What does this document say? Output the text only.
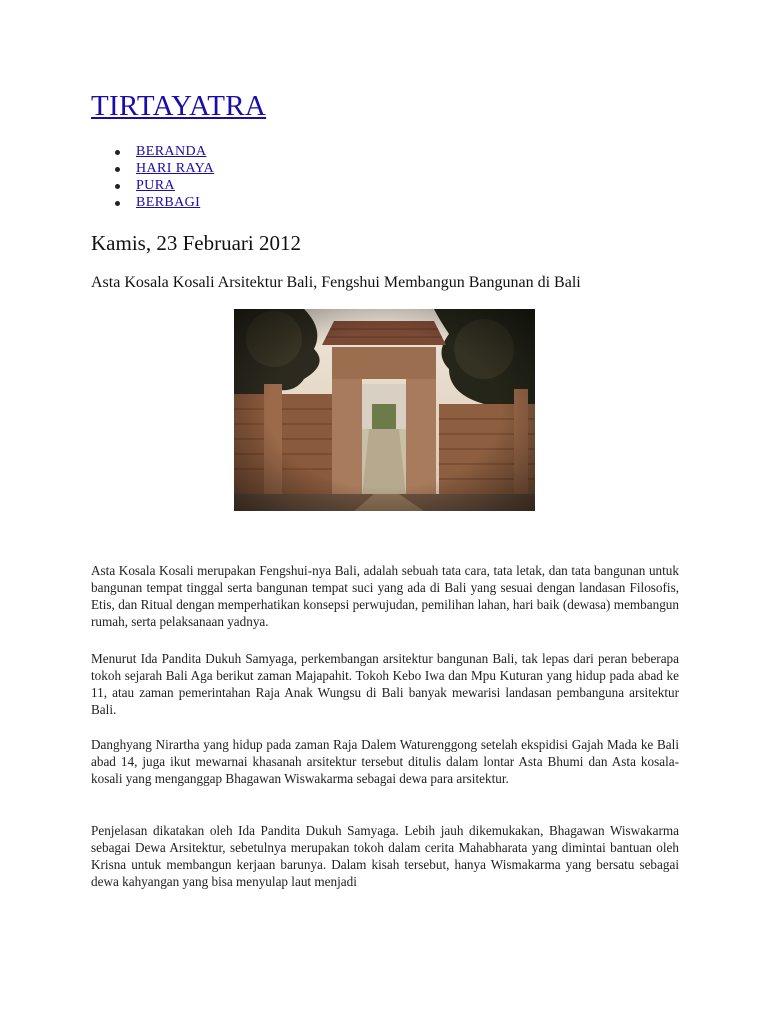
TIRTAYATRA
BERANDA
HARI RAYA
PURA
BERBAGI
Kamis, 23 Februari 2012
Asta Kosala Kosali Arsitektur Bali, Fengshui Membangun Bangunan di Bali

Asta Kosala Kosali merupakan Fengshui-nya Bali, adalah sebuah tata cara, tata letak, dan tata bangunan untuk bangunan tempat tinggal serta bangunan tempat suci yang ada di Bali yang sesuai dengan landasan Filosofis, Etis, dan Ritual dengan memperhatikan konsepsi perwujudan, pemilihan lahan, hari baik (dewasa) membangun rumah, serta pelaksanaan yadnya.

Menurut Ida Pandita Dukuh Samyaga, perkembangan arsitektur bangunan Bali, tak lepas dari peran beberapa tokoh sejarah Bali Aga berikut zaman Majapahit. Tokoh Kebo Iwa dan Mpu Kuturan yang hidup pada abad ke 11, atau zaman pemerintahan Raja Anak Wungsu di Bali banyak mewarisi landasan pembanguna arsitektur Bali.

Danghyang Nirartha yang hidup pada zaman Raja Dalem Waturenggong setelah ekspidisi Gajah Mada ke Bali abad 14, juga ikut mewarnai khasanah arsitektur tersebut ditulis dalam lontar Asta Bhumi dan Asta kosala-kosali yang menganggap Bhagawan Wiswakarma sebagai dewa para arsitektur.

Penjelasan dikatakan oleh Ida Pandita Dukuh Samyaga. Lebih jauh dikemukakan, Bhagawan Wiswakarma sebagai Dewa Arsitektur, sebetulnya merupakan tokoh dalam cerita Mahabharata yang dimintai bantuan oleh Krisna untuk membangun kerjaan barunya. Dalam kisah tersebut, hanya Wismakarma yang bersatu sebagai dewa kahyangan yang bisa menyulap laut menjadi
